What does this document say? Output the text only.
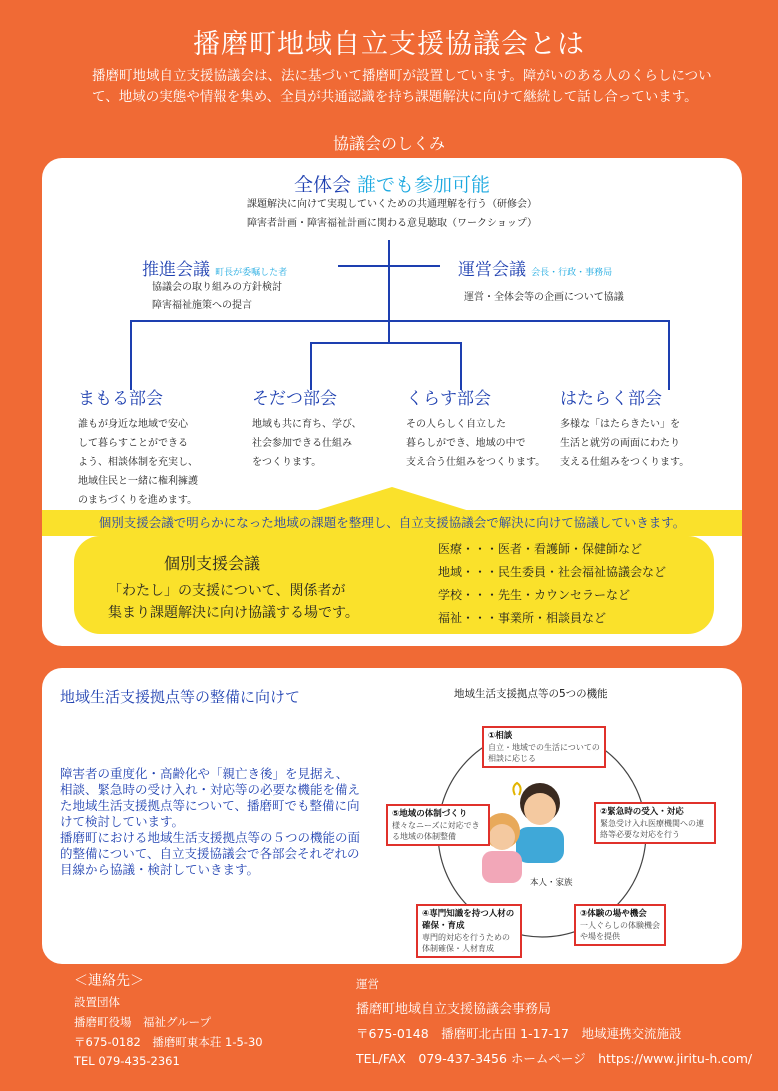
播磨町地域自立支援協議会とは
播磨町地域自立支援協議会は、法に基づいて播磨町が設置しています。障がいのある人のくらしについて、地域の実態や情報を集め、全員が共通認識を持ち課題解決に向けて継続して話し合っています。
協議会のしくみ
全体会 誰でも参加可能
課題解決に向けて実現していくための共通理解を行う（研修会）
障害者計画・障害福祉計画に関わる意見聴取（ワークショップ）
推進会議 町長が委嘱した者
協議会の取り組みの方針検討
障害福祉施策への提言
運営会議 会長・行政・事務局
運営・全体会等の企画について協議
まもる部会
誰もが身近な地域で安心
して暮らすことができる
よう、相談体制を充実し、
地域住民と一緒に権利擁護
のまちづくりを進めます。
そだつ部会
地域も共に育ち、学び、
社会参加できる仕組み
をつくります。
くらす部会
その人らしく自立した
暮らしができ、地域の中で
支え合う仕組みをつくります。
はたらく部会
多様な「はたらきたい」を
生活と就労の両面にわたり
支える仕組みをつくります。
個別支援会議で明らかになった地域の課題を整理し、自立支援協議会で解決に向けて協議していきます。
個別支援会議
「わたし」の支援について、関係者が
集まり課題解決に向け協議する場です。
医療・・・医者・看護師・保健師など
地域・・・民生委員・社会福祉協議会など
学校・・・先生・カウンセラーなど
福祉・・・事業所・相談員など
地域生活支援拠点等の整備に向けて
障害者の重度化・高齢化や「親亡き後」を見据え、相談、緊急時の受け入れ・対応等の必要な機能を備えた地域生活支援拠点等について、播磨町でも整備に向けて検討しています。
播磨町における地域生活支援拠点等の５つの機能の面的整備について、自立支援協議会で各部会それぞれの目線から協議・検討していきます。
地域生活支援拠点等の5つの機能
本人・家族
①相談
自立・地域での生活についての相談に応じる
②緊急時の受入・対応
緊急受け入れ医療機関への連絡等必要な対応を行う
③体験の場や機会
一人ぐらしの体験機会や場を提供
④専門知識を持つ人材の確保・育成
専門的対応を行うための体制確保・人材育成
⑤地域の体制づくり
様々なニーズに対応できる地域の体制整備
＜連絡先＞
設置団体
播磨町役場　福祉グループ
〒675-0182　播磨町東本荘 1-5-30
TEL 079-435-2361
運営
播磨町地域自立支援協議会事務局
〒675-0148　播磨町北古田 1-17-17　地域連携交流施設
TEL/FAX　079-437-3456 ホームページ　https://www.jiritu-h.com/
